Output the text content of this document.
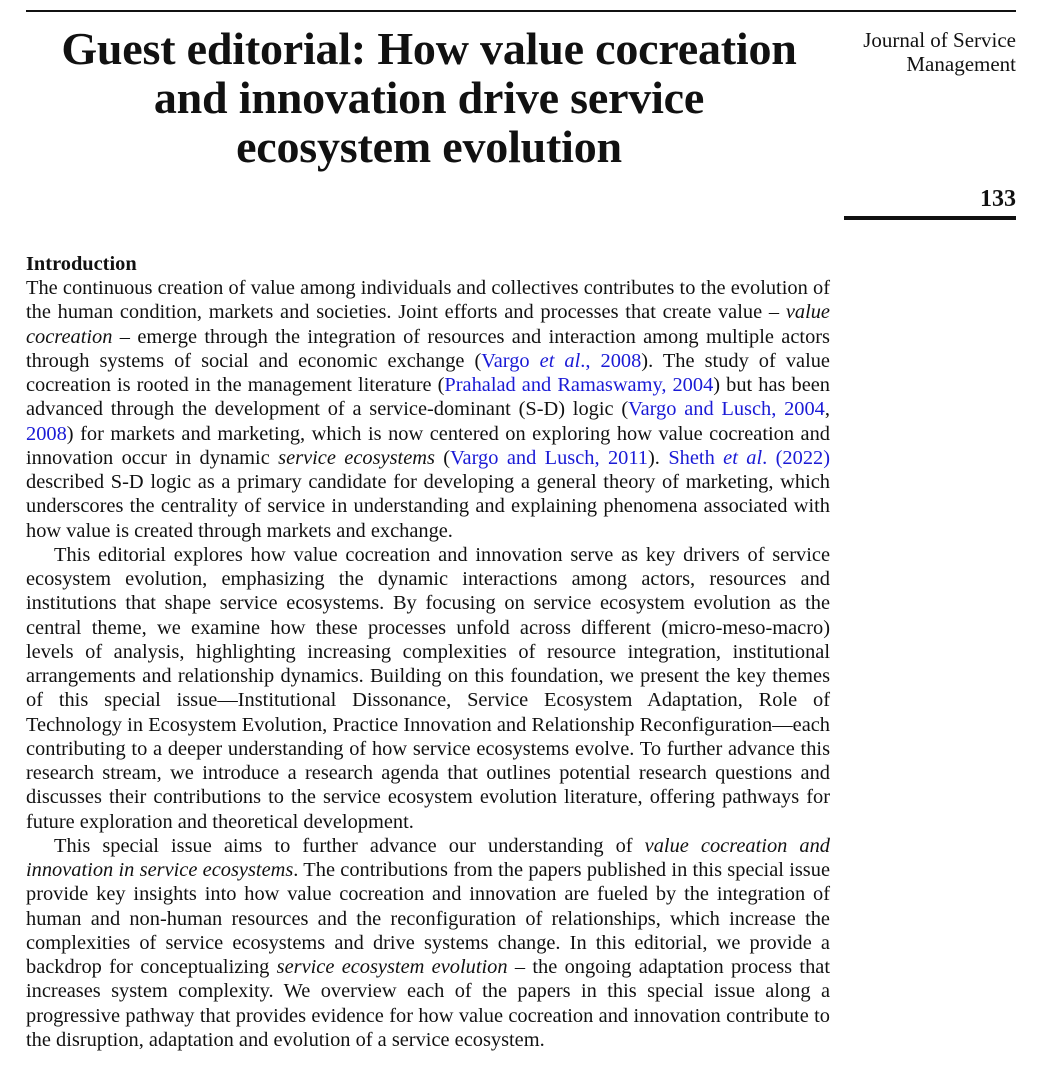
Guest editorial: How value cocreation
and innovation drive service
ecosystem evolution
Journal of Service
Management
133
Introduction

The continuous creation of value among individuals and collectives contributes to the evolution of the human condition, markets and societies. Joint efforts and processes that create value – value cocreation – emerge through the integration of resources and interaction among multiple actors through systems of social and economic exchange (Vargo et al., 2008). The study of value cocreation is rooted in the management literature (Prahalad and Ramaswamy, 2004) but has been advanced through the development of a service-dominant (S-D) logic (Vargo and Lusch, 2004, 2008) for markets and marketing, which is now centered on exploring how value cocreation and innovation occur in dynamic service ecosystems (Vargo and Lusch, 2011). Sheth et al. (2022) described S-D logic as a primary candidate for developing a general theory of marketing, which underscores the centrality of service in understanding and explaining phenomena associated with how value is created through markets and exchange.

This editorial explores how value cocreation and innovation serve as key drivers of service ecosystem evolution, emphasizing the dynamic interactions among actors, resources and institutions that shape service ecosystems. By focusing on service ecosystem evolution as the central theme, we examine how these processes unfold across different (micro-meso-macro) levels of analysis, highlighting increasing complexities of resource integration, institutional arrangements and relationship dynamics. Building on this foundation, we present the key themes of this special issue—Institutional Dissonance, Service Ecosystem Adaptation, Role of Technology in Ecosystem Evolution, Practice Innovation and Relationship Reconfiguration—each contributing to a deeper understanding of how service ecosystems evolve. To further advance this research stream, we introduce a research agenda that outlines potential research questions and discusses their contributions to the service ecosystem evolution literature, offering pathways for future exploration and theoretical development.

This special issue aims to further advance our understanding of value cocreation and innovation in service ecosystems. The contributions from the papers published in this special issue provide key insights into how value cocreation and innovation are fueled by the integration of human and non-human resources and the reconfiguration of relationships, which increase the complexities of service ecosystems and drive systems change. In this editorial, we provide a backdrop for conceptualizing service ecosystem evolution – the ongoing adaptation process that increases system complexity. We overview each of the papers in this special issue along a progressive pathway that provides evidence for how value cocreation and innovation contribute to the disruption, adaptation and evolution of a service ecosystem.
